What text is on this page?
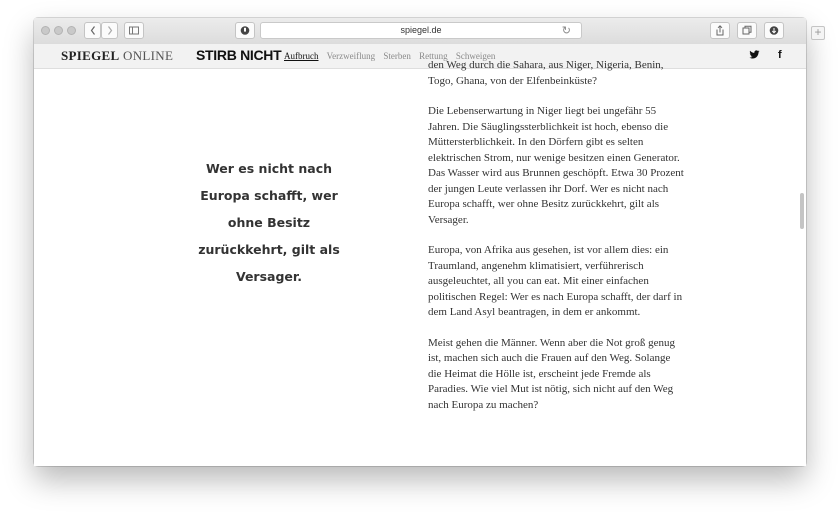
spiegel.de	↻
SPIEGEL ONLINE STIRB NICHT Aufbruch Verzweiflung Sterben Rettung Schweigen	f
Wer es nicht nach
Europa schafft, wer
ohne Besitz
zurückkehrt, gilt als
Versager.

den Weg durch die Sahara, aus Niger, Nigeria, Benin, Togo, Ghana, von der Elfenbeinküste?

Die Lebenserwartung in Niger liegt bei ungefähr 55 Jahren. Die Säuglingssterblichkeit ist hoch, ebenso die Müttersterblichkeit. In den Dörfern gibt es selten elektrischen Strom, nur wenige besitzen einen Generator. Das Wasser wird aus Brunnen geschöpft. Etwa 30 Prozent der jungen Leute verlassen ihr Dorf. Wer es nicht nach Europa schafft, wer ohne Besitz zurückkehrt, gilt als Versager.

Europa, von Afrika aus gesehen, ist vor allem dies: ein Traumland, angenehm klimatisiert, verführerisch ausgeleuchtet, all you can eat. Mit einer einfachen politischen Regel: Wer es nach Europa schafft, der darf in dem Land Asyl beantragen, in dem er ankommt.

Meist gehen die Männer. Wenn aber die Not groß genug ist, machen sich auch die Frauen auf den Weg. Solange die Heimat die Hölle ist, erscheint jede Fremde als Paradies. Wie viel Mut ist nötig, sich nicht auf den Weg nach Europa zu machen?

+
